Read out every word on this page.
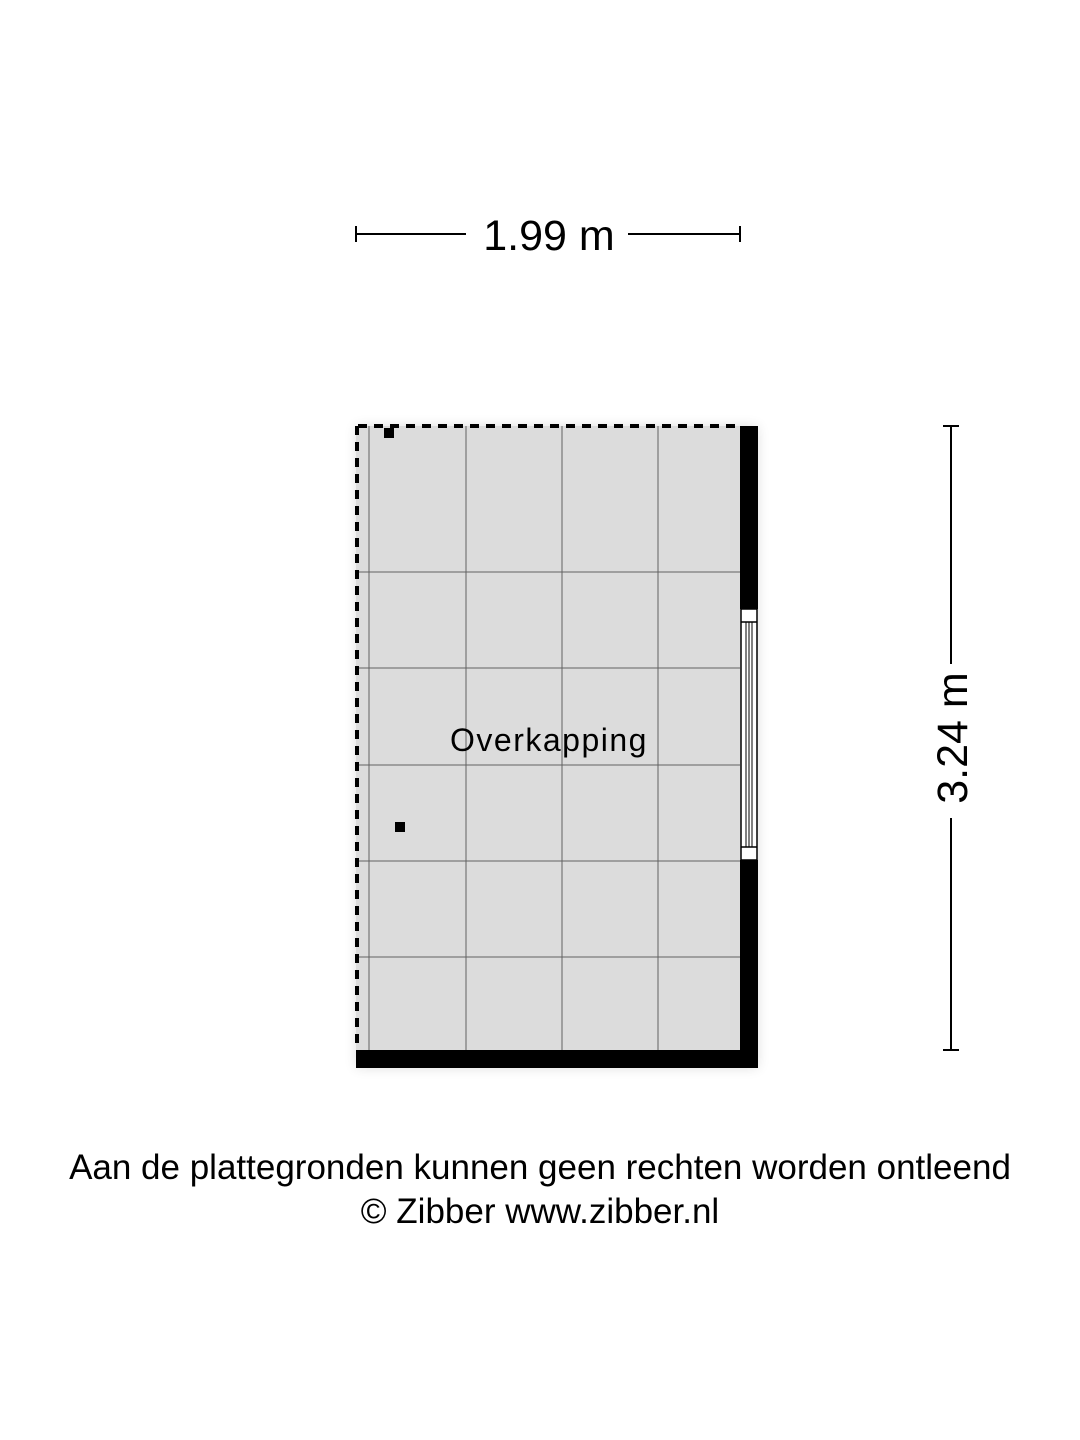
1.99 m
3.24 m
Overkapping
Aan de plattegronden kunnen geen rechten worden ontleend
© Zibber www.zibber.nl
